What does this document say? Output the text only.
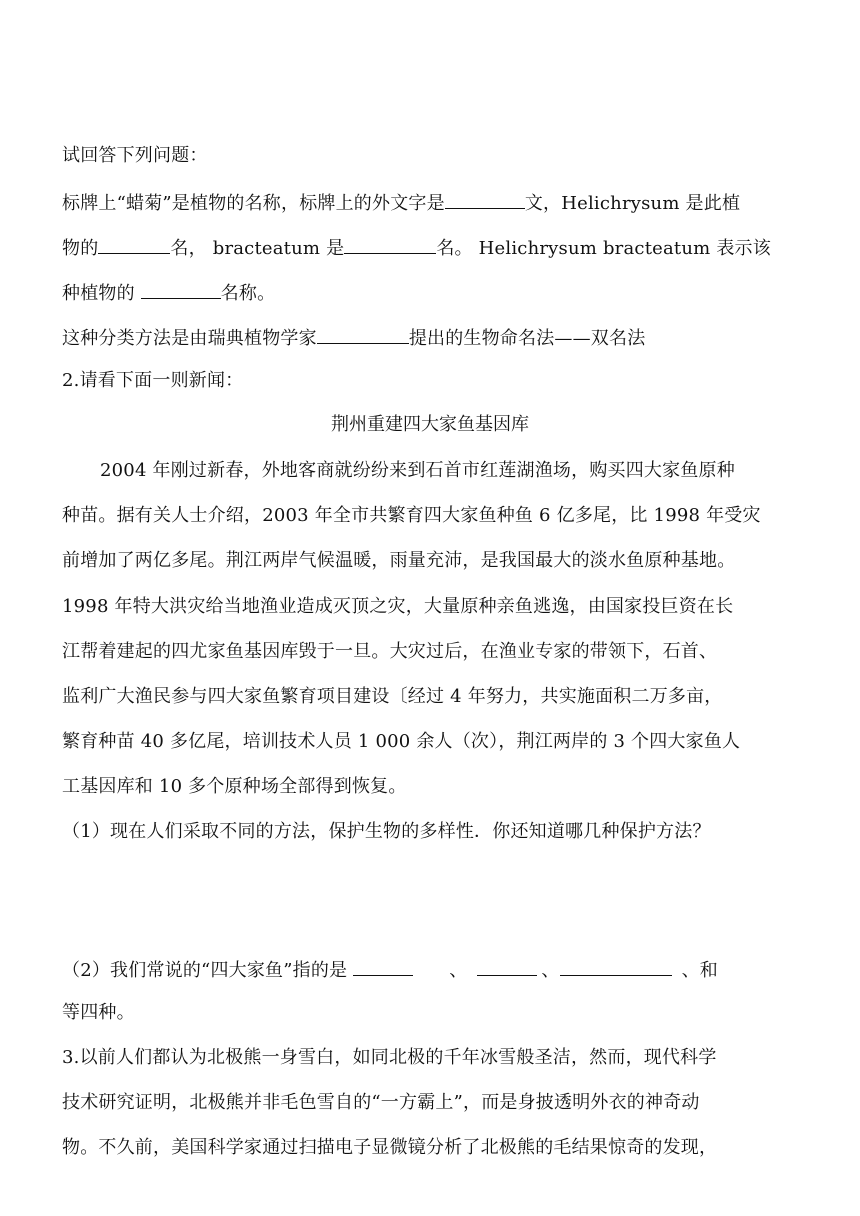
试回答下列问题：
标牌上“蜡菊”是植物的名称，标牌上的外文字是	文，Helichrysum 是此植
物的	名， bracteatum 是	名。 Helichrysum bracteatum 表示该
种植物的	名称。
这种分类方法是由瑞典植物学家	提出的生物命名法——双名法
2.请看下面一则新闻：
荆州重建四大家鱼基因库
2004 年刚过新春，外地客商就纷纷来到石首市红莲湖渔场，购买四大家鱼原种
种苗。据有关人士介绍，2003 年全市共繁育四大家鱼种鱼 6 亿多尾，比 1998 年受灾
前增加了两亿多尾。荆江两岸气候温暖，雨量充沛，是我国最大的淡水鱼原种基地。
1998 年特大洪灾给当地渔业造成灭顶之灾，大量原种亲鱼逃逸，由国家投巨资在长
江帮着建起的四尤家鱼基因库毁于一旦。大灾过后，在渔业专家的带领下，石首、
监利广大渔民参与四大家鱼繁育项目建设〔经过 4 年努力，共实施面积二万多亩，
繁育种苗 40 多亿尾，培训技术人员 1 000 余人（次），荆江两岸的 3 个四大家鱼人
工基因库和 10 多个原种场全部得到恢复。
（1）现在人们采取不同的方法，保护生物的多样性．你还知道哪几种保护方法？
（2）我们常说的“四大家鱼”指的是	、	、	、和
等四种。
3.以前人们都认为北极熊一身雪白，如同北极的千年冰雪般圣洁，然而，现代科学
技术研究证明，北极熊并非毛色雪自的“一方霸上”，而是身披透明外衣的神奇动
物。不久前，美国科学家通过扫描电子显微镜分析了北极熊的毛结果惊奇的发现，
